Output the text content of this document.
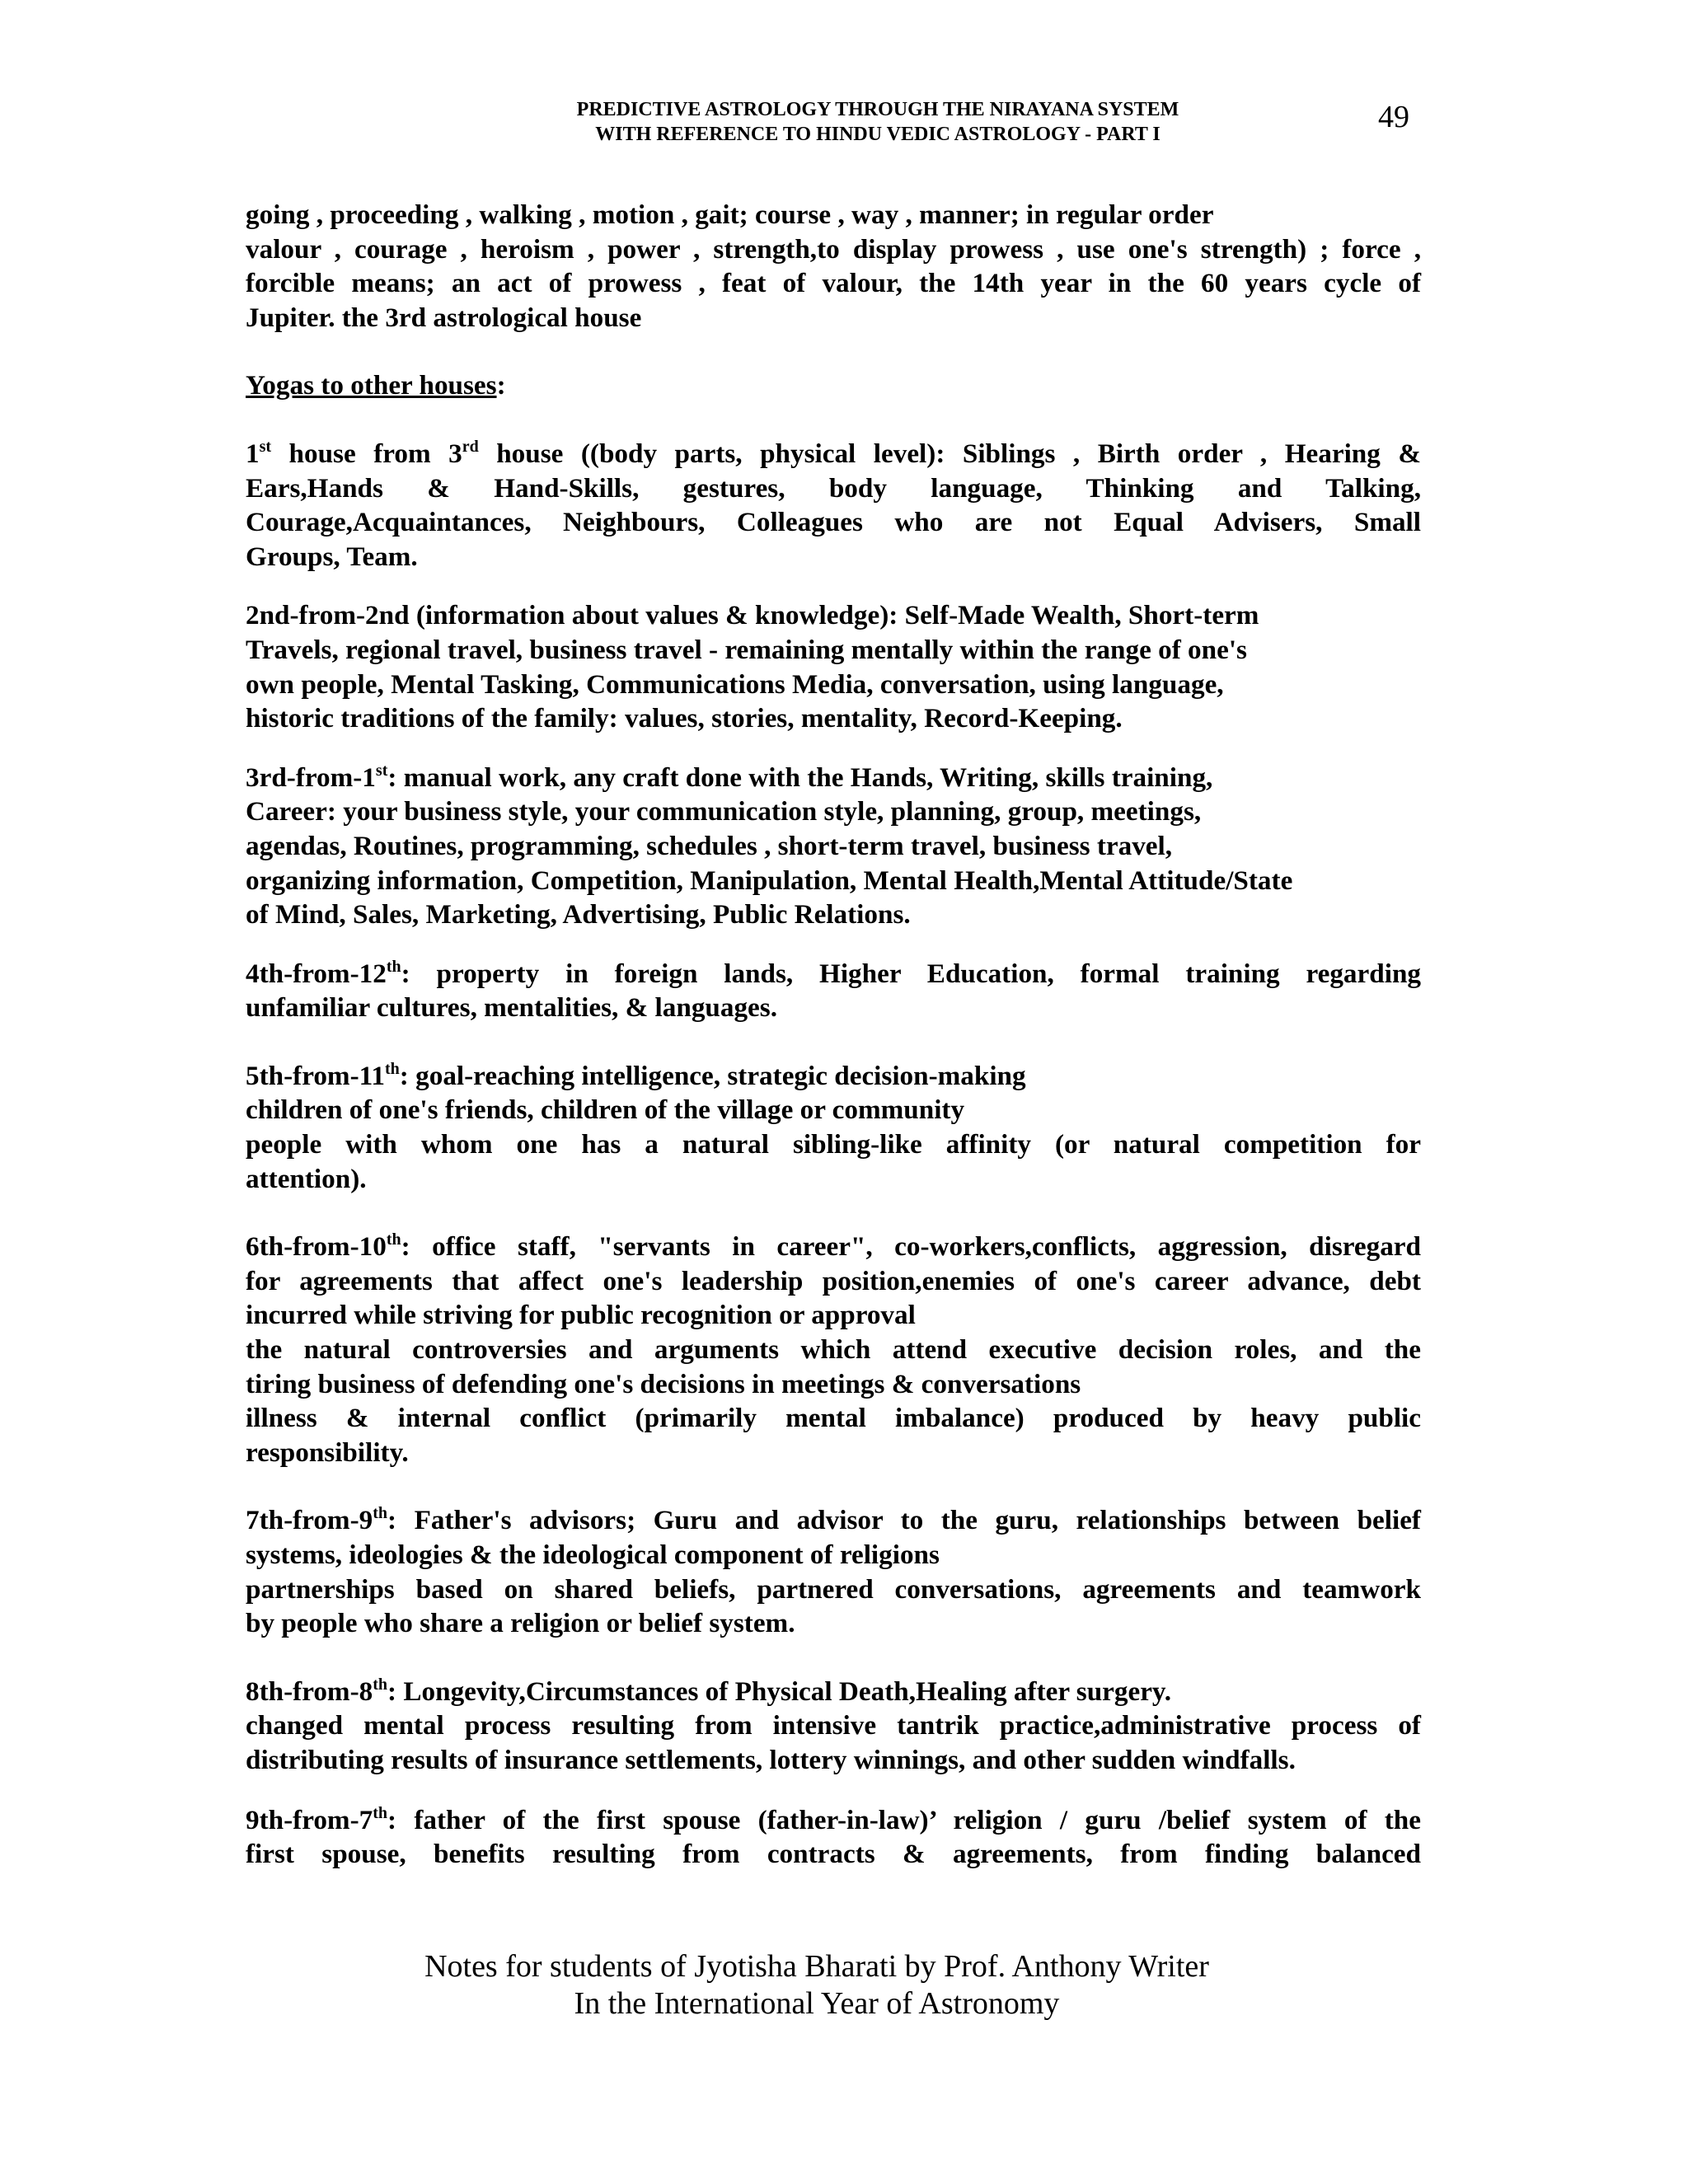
PREDICTIVE ASTROLOGY THROUGH THE NIRAYANA SYSTEM
WITH REFERENCE TO HINDU VEDIC ASTROLOGY - PART I	49

going , proceeding , walking , motion , gait; course , way , manner; in regular order
valour , courage , heroism , power , strength,to display prowess , use one's strength) ; force ,
forcible means; an act of prowess , feat of valour, the 14th year in the 60 years cycle of
Jupiter. the 3rd astrological house

Yogas to other houses:

1st house from 3rd house ((body parts, physical level): Siblings , Birth order , Hearing &
Ears,Hands & Hand-Skills, gestures, body language, Thinking and Talking,
Courage,Acquaintances, Neighbours, Colleagues who are not Equal Advisers, Small
Groups, Team.

2nd-from-2nd (information about values & knowledge): Self-Made Wealth, Short-term
Travels, regional travel, business travel - remaining mentally within the range of one's
own people, Mental Tasking, Communications Media, conversation, using language,
historic traditions of the family: values, stories, mentality, Record-Keeping.

3rd-from-1st: manual work, any craft done with the Hands, Writing, skills training,
Career: your business style, your communication style, planning, group, meetings,
agendas, Routines, programming, schedules , short-term travel, business travel,
organizing information, Competition, Manipulation, Mental Health,Mental Attitude/State
of Mind, Sales, Marketing, Advertising, Public Relations.

4th-from-12th: property in foreign lands, Higher Education, formal training regarding
unfamiliar cultures, mentalities, & languages.

5th-from-11th: goal-reaching intelligence, strategic decision-making
children of one's friends, children of the village or community
people with whom one has a natural sibling-like affinity (or natural competition for
attention).

6th-from-10th: office staff, "servants in career", co-workers,conflicts, aggression, disregard
for agreements that affect one's leadership position,enemies of one's career advance, debt
incurred while striving for public recognition or approval
the natural controversies and arguments which attend executive decision roles, and the
tiring business of defending one's decisions in meetings & conversations
illness & internal conflict (primarily mental imbalance) produced by heavy public
responsibility.

7th-from-9th: Father's advisors; Guru and advisor to the guru, relationships between belief
systems, ideologies & the ideological component of religions
partnerships based on shared beliefs, partnered conversations, agreements and teamwork
by people who share a religion or belief system.

8th-from-8th: Longevity,Circumstances of Physical Death,Healing after surgery.
changed mental process resulting from intensive tantrik practice,administrative process of
distributing results of insurance settlements, lottery winnings, and other sudden windfalls.

9th-from-7th: father of the first spouse (father-in-law)’ religion / guru /belief system of the
first spouse, benefits resulting from contracts & agreements, from finding balanced

Notes for students of Jyotisha Bharati by Prof. Anthony Writer
In the International Year of Astronomy
